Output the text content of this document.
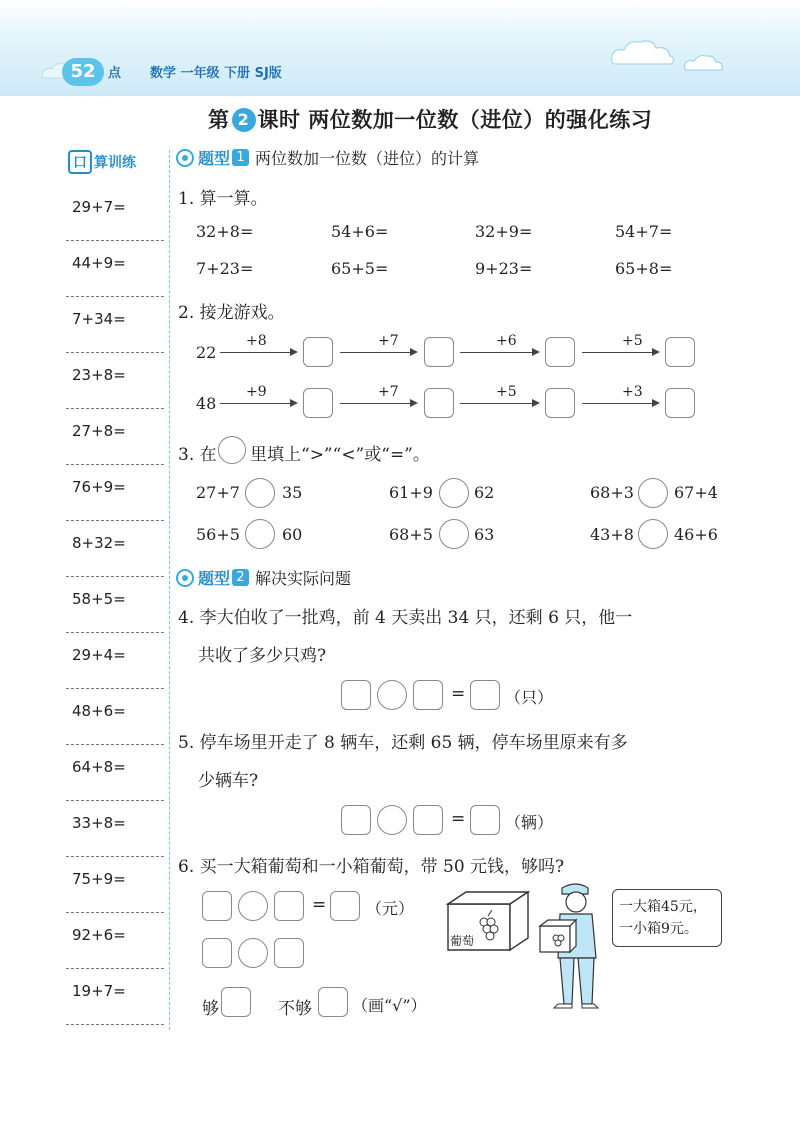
52 点 数学 一年级 下册 SJ版
第 2 课时 两位数加一位数（进位）的强化练习
口 算训练
29+7=
44+9=
7+34=
23+8=
27+8=
76+9=
8+32=
58+5=
29+4=
48+6=
64+8=
33+8=
75+9=
92+6=
19+7=
题型 1 两位数加一位数（进位）的计算
1. 算一算。
32+8=	54+6=	32+9=	54+7=
7+23=	65+5=	9+23=	65+8=
2. 接龙游戏。
22
+8	+7	+6	+5
48
+9	+7	+5	+3
3. 在 里填上“>”“<”或“=”。
27+7	35	61+9	62	68+3	67+4
56+5	60	68+5	63	43+8	46+6
题型 2 解决实际问题
4. 李大伯收了一批鸡，前 4 天卖出 34 只，还剩 6 只，他一
共收了多少只鸡?
= （只）
5. 停车场里开走了 8 辆车，还剩 65 辆，停车场里原来有多
少辆车?
= （辆）
6. 买一大箱葡萄和一小箱葡萄，带 50 元钱，够吗?
= （元）
够	不够	（画“√”）
葡萄
一大箱45元，
一小箱9元。
